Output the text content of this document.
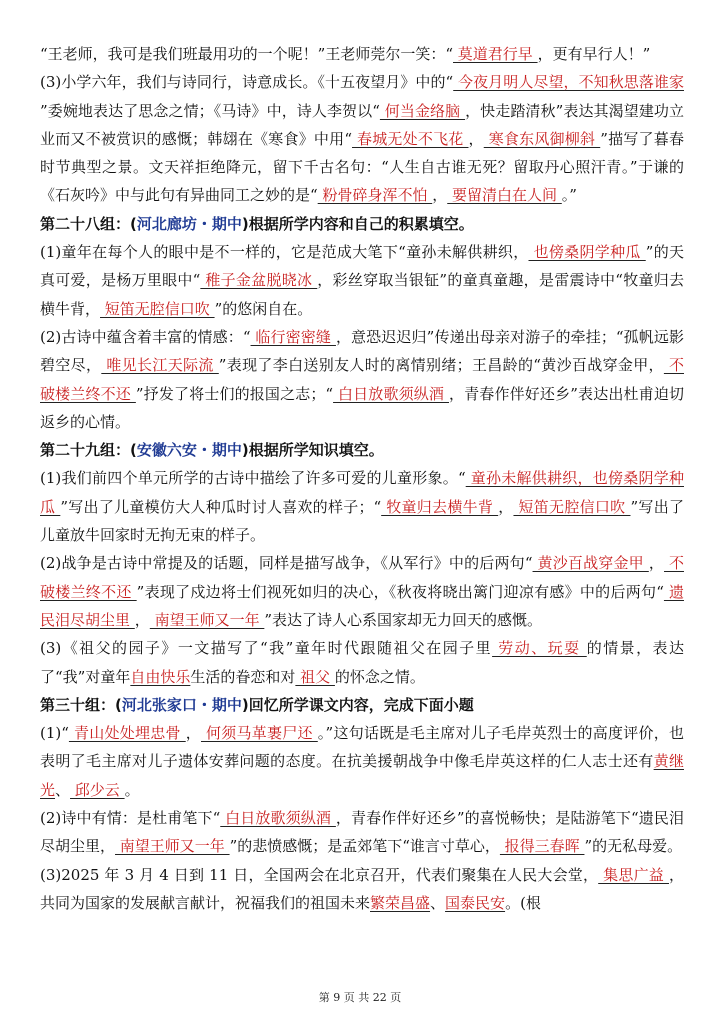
“王老师，我可是我们班最用功的一个呢！”王老师莞尔一笑：“ 莫道君行早 ，更有早行人！”

(3)小学六年，我们与诗同行，诗意成长。《十五夜望月》中的“ 今夜月明人尽望，不知秋思落谁家 ”委婉地表达了思念之情；《马诗》中，诗人李贺以“ 何当金络脑 ，快走踏清秋”表达其渴望建功立业而又不被赏识的感慨；韩翃在《寒食》中用“ 春城无处不飞花 ， 寒食东风御柳斜 ”描写了暮春时节典型之景。文天祥拒绝降元，留下千古名句：“人生自古谁无死？留取丹心照汗青。”于谦的《石灰吟》中与此句有异曲同工之妙的是“ 粉骨碎身浑不怕 ， 要留清白在人间 。”

第二十八组：(河北廊坊・期中)根据所学内容和自己的积累填空。

(1)童年在每个人的眼中是不一样的，它是范成大笔下“童孙未解供耕织， 也傍桑阴学种瓜 ”的天真可爱，是杨万里眼中“ 稚子金盆脱晓冰 ，彩丝穿取当银钲”的童真童趣，是雷震诗中“牧童归去横牛背， 短笛无腔信口吹 ”的悠闲自在。

(2)古诗中蕴含着丰富的情感：“ 临行密密缝 ，意恐迟迟归”传递出母亲对游子的牵挂；“孤帆远影碧空尽， 唯见长江天际流 ”表现了李白送别友人时的离情别绪；王昌龄的“黄沙百战穿金甲， 不破楼兰终不还 ”抒发了将士们的报国之志；“ 白日放歌须纵酒 ，青春作伴好还乡”表达出杜甫迫切返乡的心情。

第二十九组：(安徽六安・期中)根据所学知识填空。

(1)我们前四个单元所学的古诗中描绘了许多可爱的儿童形象。“ 童孙未解供耕织，也傍桑阴学种瓜 ”写出了儿童模仿大人种瓜时讨人喜欢的样子；“ 牧童归去横牛背 ， 短笛无腔信口吹 ”写出了儿童放牛回家时无拘无束的样子。

(2)战争是古诗中常提及的话题，同样是描写战争，《从军行》中的后两句“ 黄沙百战穿金甲 ， 不破楼兰终不还 ”表现了戍边将士们视死如归的决心，《秋夜将晓出篱门迎凉有感》中的后两句“ 遗民泪尽胡尘里 ， 南望王师又一年 ”表达了诗人心系国家却无力回天的感慨。

(3)《祖父的园子》一文描写了“我”童年时代跟随祖父在园子里 劳动、玩耍 的情景，表达了“我”对童年自由快乐生活的眷恋和对 祖父 的怀念之情。

第三十组：(河北张家口・期中)回忆所学课文内容，完成下面小题

(1)“ 青山处处埋忠骨 ， 何须马革裹尸还 。”这句话既是毛主席对儿子毛岸英烈士的高度评价，也表明了毛主席对儿子遗体安葬问题的态度。在抗美援朝战争中像毛岸英这样的仁人志士还有黄继光、 邱少云 。

(2)诗中有情：是杜甫笔下“ 白日放歌须纵酒 ，青春作伴好还乡”的喜悦畅快；是陆游笔下“遗民泪尽胡尘里， 南望王师又一年 ”的悲愤感慨；是孟郊笔下“谁言寸草心， 报得三春晖 ”的无私母爱。

(3)2025 年 3 月 4 日到 11 日，全国两会在北京召开，代表们聚集在人民大会堂， 集思广益 ，共同为国家的发展献言献计，祝福我们的祖国未来繁荣昌盛、国泰民安。(根

第 9 页 共 22 页
